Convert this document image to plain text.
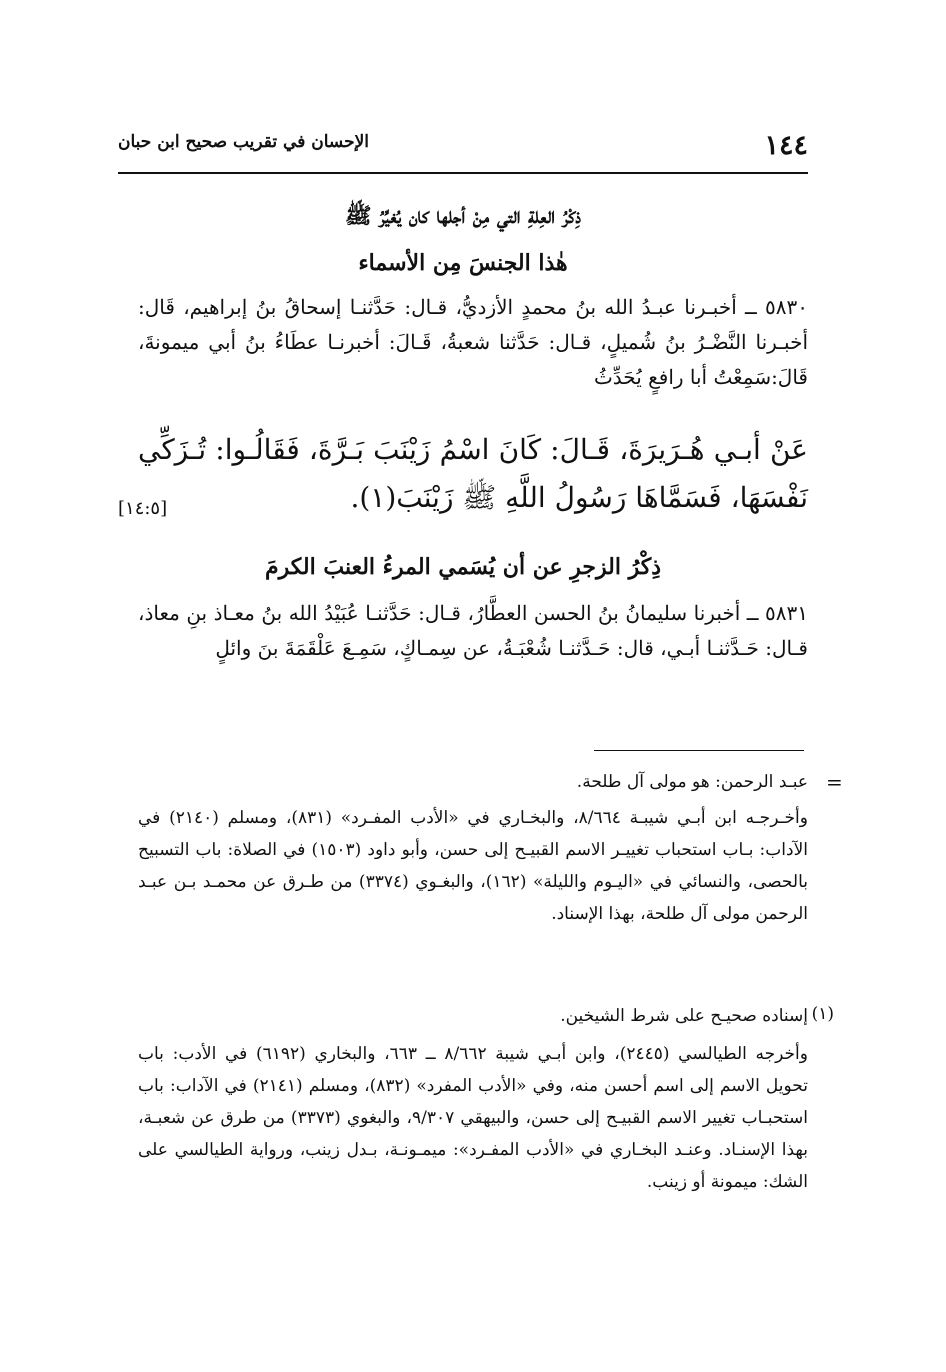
١٤٤
الإحسان في تقريب صحيح ابن حبان
ذِكْرُ العِلةِ التي مِنْ أجلها كان يُغيِّرُ ﷺ
هٰذا الجنسَ مِن الأسماء
٥٨٣٠ ــ أخبـرنا عبـدُ الله بنُ محمدٍ الأزديُّ، قـال: حَدَّثنـا إسحاقُ بنُ إبراهيم، قَال: أخبـرنا النَّضْـرُ بنُ شُميلٍ، قـال: حَدَّثنا شعبةُ، قَـالَ: أخبرنـا عطَاءُ بنُ أبي ميمونةَ، قَالَ:سَمِعْتُ أبا رافعٍ يُحَدِّثُ
عَنْ أبـي هُـرَيرَةَ، قَـالَ: كَانَ اسْمُ زَيْنَبَ بَـرَّةَ، فَقَالُـوا: تُـزَكِّي نَفْسَهَا، فَسَمَّاهَا رَسُولُ اللَّهِ ﷺ زَيْنَبَ(١).
[١٤:٥]
ذِكْرُ الزجرِ عن أن يُسَمي المرءُ العنبَ الكرمَ
٥٨٣١ ــ أخبرنا سليمانُ بنُ الحسن العطَّارُ، قـال: حَدَّثنـا عُبَيْدُ الله بنُ معـاذ بنِ معاذ، قـال: حَـدَّثنـا أبـي، قال: حَـدَّثنـا شُعْبَـةُ، عن سِمـاكٍ، سَمِـعَ عَلْقَمَةَ بنَ وائلٍ
=
عبـد الرحمن: هو مولى آل طلحة.
وأخـرجـه ابن أبـي شيبـة ٨/٦٦٤، والبخـاري في «الأدب المفـرد» (٨٣١)، ومسلم (٢١٤٠) في الآداب: بـاب استحباب تغييـر الاسم القبيـح إلى حسن، وأبو داود (١٥٠٣) في الصلاة: باب التسبيح بالحصى، والنسائي في «اليـوم والليلة» (١٦٢)، والبغـوي (٣٣٧٤) من طـرق عن محمـد بـن عبـد الرحمن مولى آل طلحة، بهذا الإسناد.
(١)
إسناده صحيـح على شرط الشيخين.
وأخرجه الطيالسي (٢٤٤٥)، وابن أبـي شيبة ٨/٦٦٢ ــ ٦٦٣، والبخاري (٦١٩٢) في الأدب: باب تحويل الاسم إلى اسم أحسن منه، وفي «الأدب المفرد» (٨٣٢)، ومسلم (٢١٤١) في الآداب: باب استحبـاب تغيير الاسم القبيـح إلى حسن، والبيهقي ٩/٣٠٧، والبغوي (٣٣٧٣) من طرق عن شعبـة، بهذا الإسنـاد. وعنـد البخـاري في «الأدب المفـرد»: ميمـونـة، بـدل زينب، ورواية الطيالسي على الشك: ميمونة أو زينب.
